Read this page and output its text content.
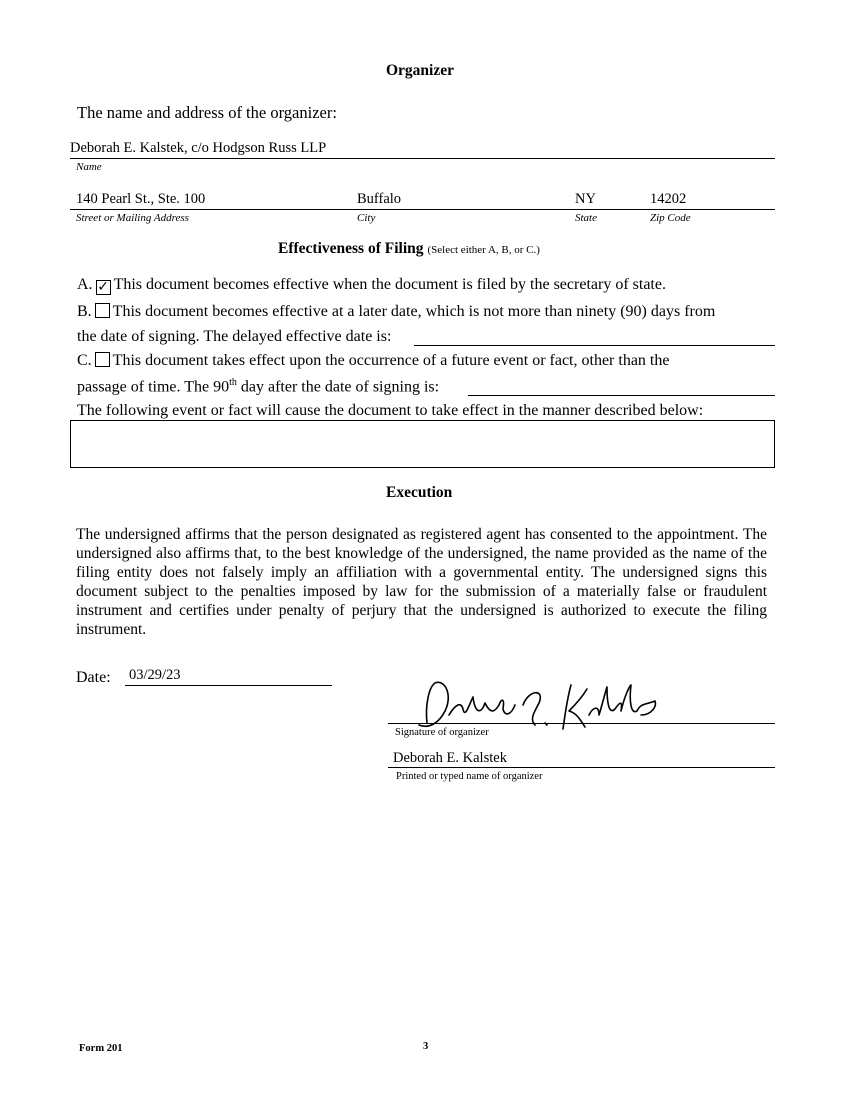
Organizer
The name and address of the organizer:
Deborah E. Kalstek, c/o Hodgson Russ LLP
Name
140 Pearl St., Ste. 100	Buffalo	NY	14202
Street or Mailing Address	City	State	Zip Code
Effectiveness of Filing (Select either A, B, or C.)
A. ✓ This document becomes effective when the document is filed by the secretary of state.
B. This document becomes effective at a later date, which is not more than ninety (90) days from
the date of signing. The delayed effective date is:
C. This document takes effect upon the occurrence of a future event or fact, other than the
passage of time. The 90th day after the date of signing is:
The following event or fact will cause the document to take effect in the manner described below:
Execution
The undersigned affirms that the person designated as registered agent has consented to the appointment. The undersigned also affirms that, to the best knowledge of the undersigned, the name provided as the name of the filing entity does not falsely imply an affiliation with a governmental entity. The undersigned signs this document subject to the penalties imposed by law for the submission of a materially false or fraudulent instrument and certifies under penalty of perjury that the undersigned is authorized to execute the filing instrument.
Date: 03/29/23
Signature of organizer
Deborah E. Kalstek
Printed or typed name of organizer
Form 201	3
